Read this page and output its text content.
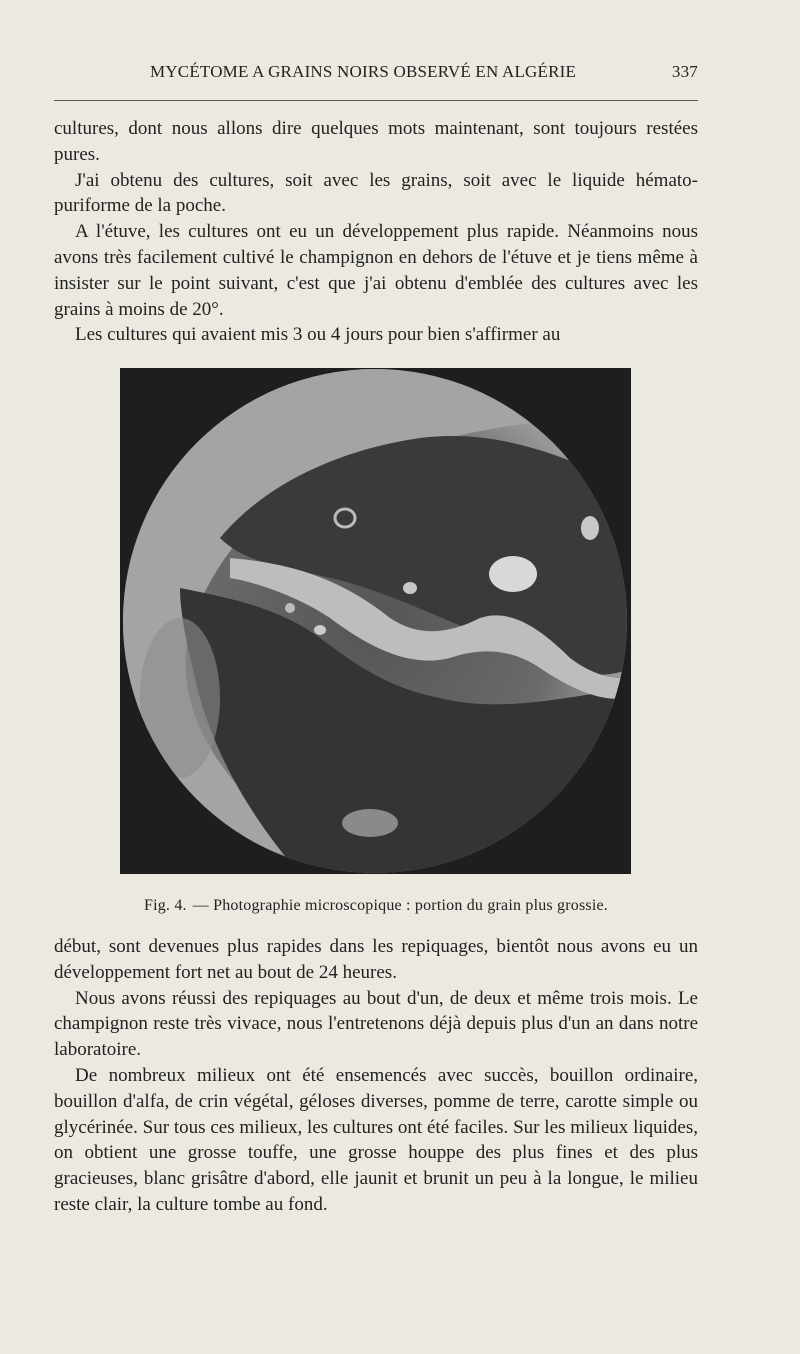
MYCÉTOME A GRAINS NOIRS OBSERVÉ EN ALGÉRIE	337

cultures, dont nous allons dire quelques mots maintenant, sont toujours restées pures.

J'ai obtenu des cultures, soit avec les grains, soit avec le liquide hémato-puriforme de la poche.

A l'étuve, les cultures ont eu un développement plus rapide. Néanmoins nous avons très facilement cultivé le champignon en dehors de l'étuve et je tiens même à insister sur le point suivant, c'est que j'ai obtenu d'emblée des cultures avec les grains à moins de 20°.

Les cultures qui avaient mis 3 ou 4 jours pour bien s'affirmer au

Fig. 4. — Photographie microscopique : portion du grain plus grossie.

début, sont devenues plus rapides dans les repiquages, bientôt nous avons eu un développement fort net au bout de 24 heures.

Nous avons réussi des repiquages au bout d'un, de deux et même trois mois. Le champignon reste très vivace, nous l'entretenons déjà depuis plus d'un an dans notre laboratoire.

De nombreux milieux ont été ensemencés avec succès, bouillon ordinaire, bouillon d'alfa, de crin végétal, géloses diverses, pomme de terre, carotte simple ou glycérinée. Sur tous ces milieux, les cultures ont été faciles. Sur les milieux liquides, on obtient une grosse touffe, une grosse houppe des plus fines et des plus gracieuses, blanc grisâtre d'abord, elle jaunit et brunit un peu à la longue, le milieu reste clair, la culture tombe au fond.
